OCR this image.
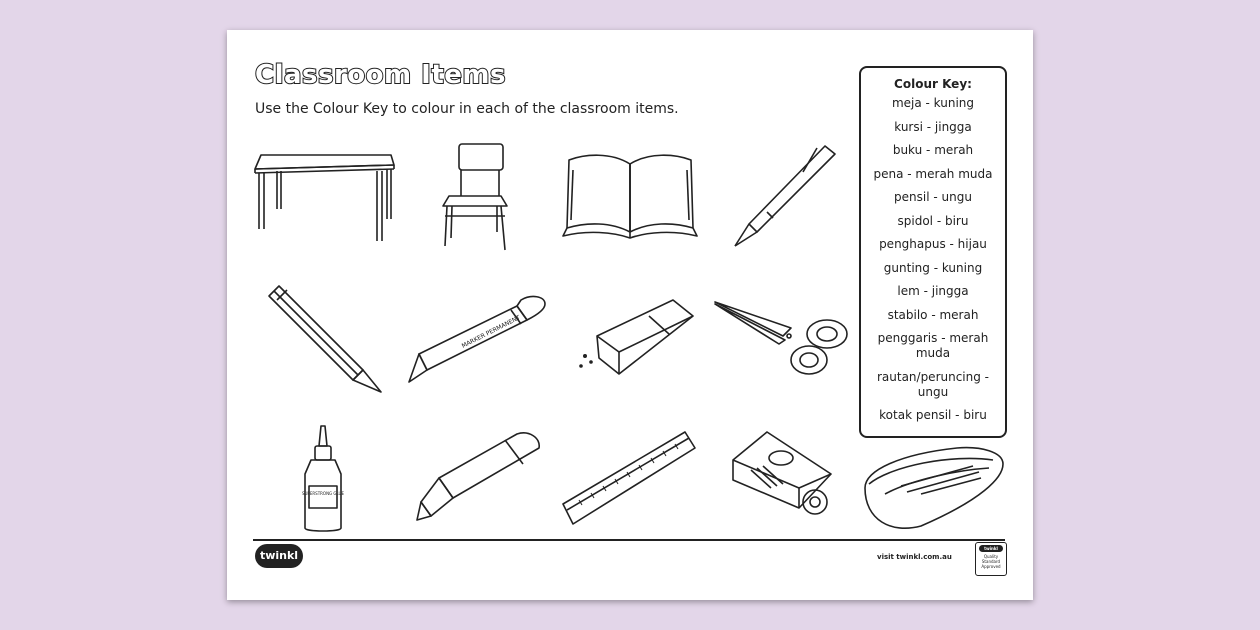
Classroom Items

Use the Colour Key to colour in each of the classroom items.

MARKER PERMANENT
SUPERSTRONG GLUE
Colour Key:
meja - kuning
kursi - jingga
buku - merah
pena - merah muda
pensil - ungu
spidol - biru
penghapus - hijau
gunting - kuning
lem - jingga
stabilo - merah
penggaris - merah muda
rautan/peruncing - ungu
kotak pensil - biru
twinkl	visit twinkl.com.au
twinkl
Quality Standard Approved
